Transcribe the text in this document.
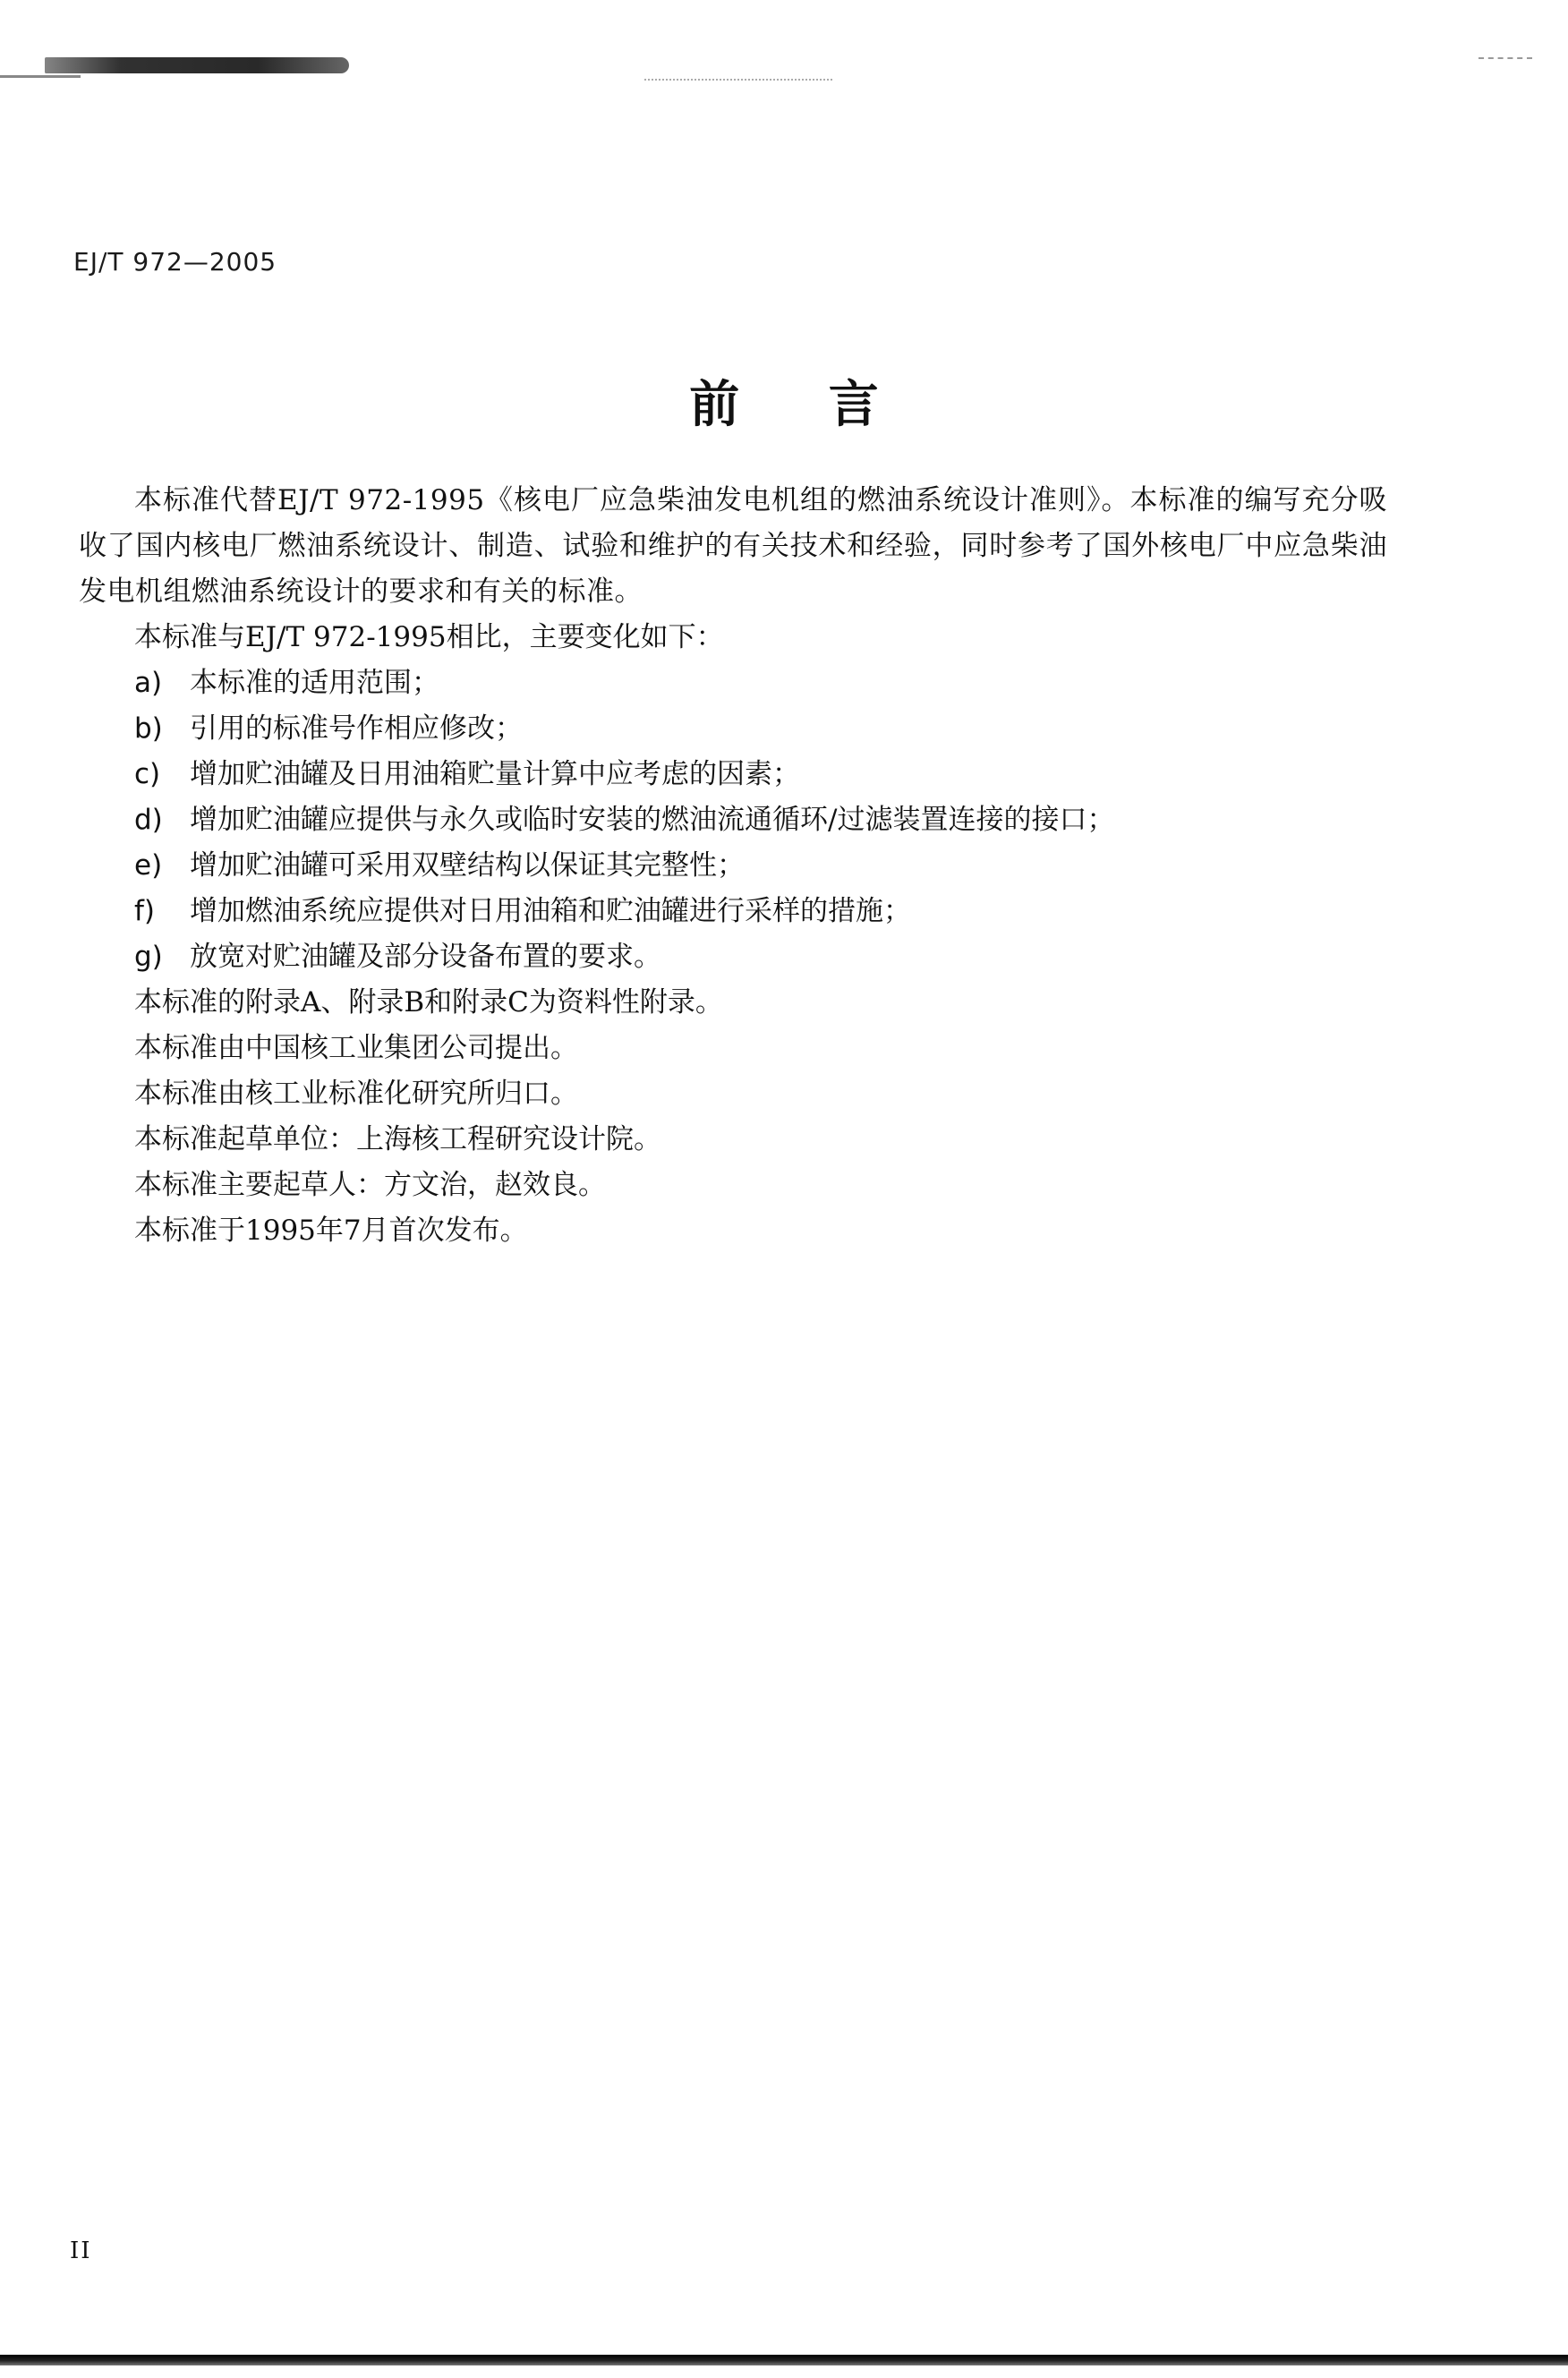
EJ/T 972—2005
前 言

本标准代替EJ/T 972-1995《核电厂应急柴油发电机组的燃油系统设计准则》。本标准的编写充分吸收了国内核电厂燃油系统设计、制造、试验和维护的有关技术和经验，同时参考了国外核电厂中应急柴油发电机组燃油系统设计的要求和有关的标准。

本标准与EJ/T 972-1995相比，主要变化如下：

a) 本标准的适用范围；
b) 引用的标准号作相应修改；
c)	增加贮油罐及日用油箱贮量计算中应考虑的因素；
d) 增加贮油罐应提供与永久或临时安装的燃油流通循环/过滤装置连接的接口；
e) 增加贮油罐可采用双壁结构以保证其完整性；
f)	增加燃油系统应提供对日用油箱和贮油罐进行采样的措施；
g) 放宽对贮油罐及部分设备布置的要求。

本标准的附录A、附录B和附录C为资料性附录。

本标准由中国核工业集团公司提出。

本标准由核工业标准化研究所归口。

本标准起草单位：上海核工程研究设计院。

本标准主要起草人：方文治，赵效良。

本标准于1995年7月首次发布。

II
